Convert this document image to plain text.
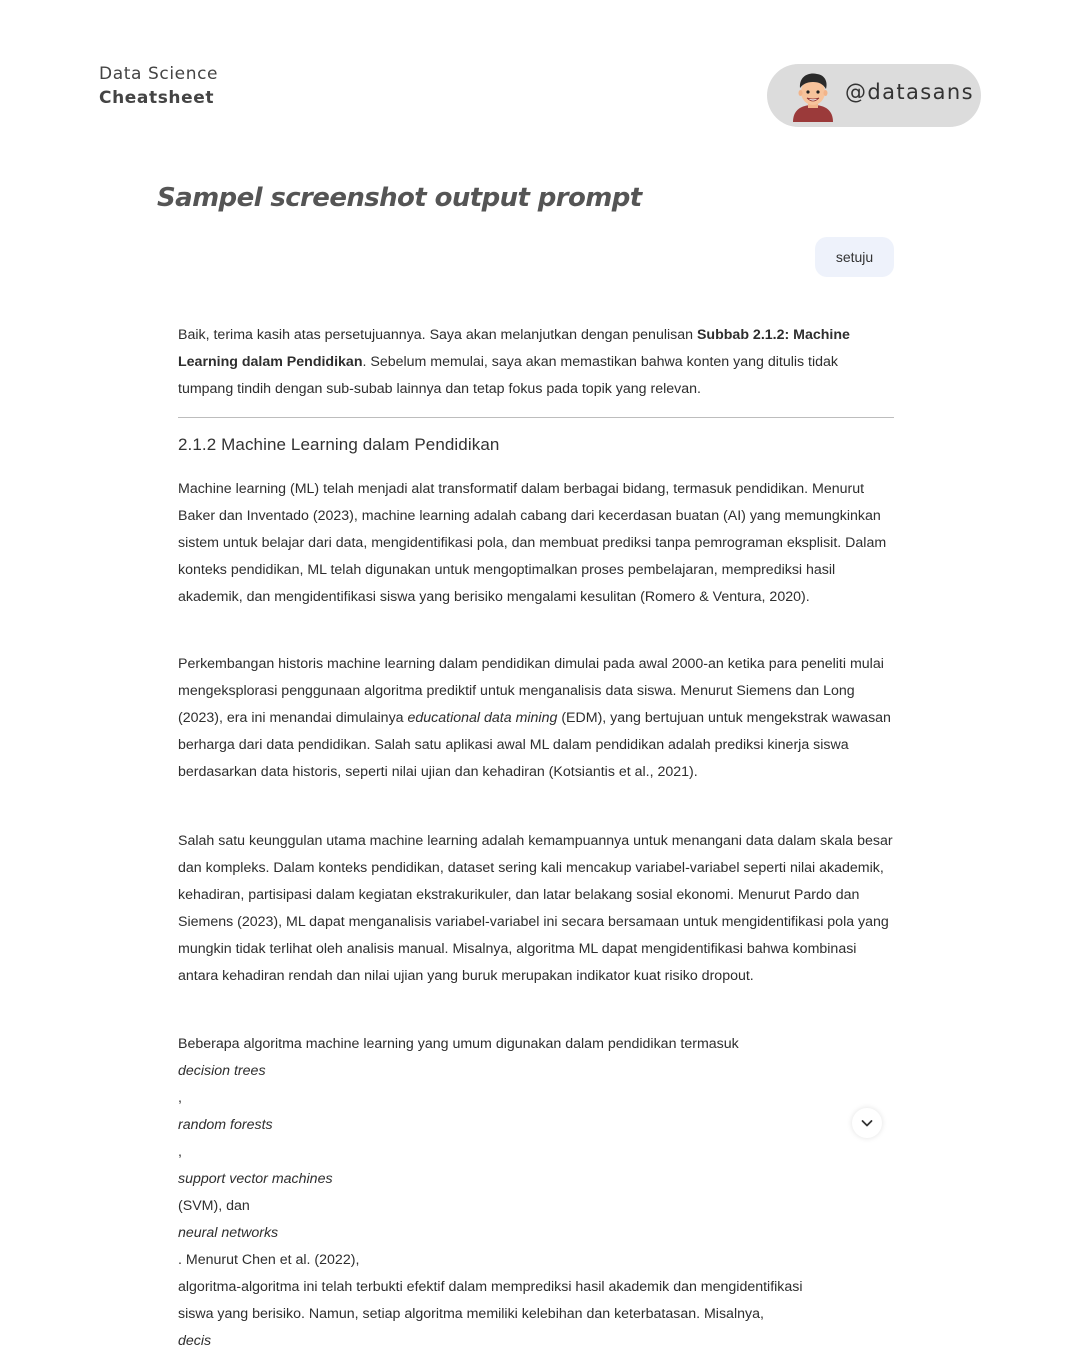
Data Science
Cheatsheet	@datasans
Sampel screenshot output prompt
setuju

Baik, terima kasih atas persetujuannya. Saya akan melanjutkan dengan penulisan Subbab 2.1.2: Machine Learning dalam Pendidikan. Sebelum memulai, saya akan memastikan bahwa konten yang ditulis tidak tumpang tindih dengan sub-subab lainnya dan tetap fokus pada topik yang relevan.

2.1.2 Machine Learning dalam Pendidikan

Machine learning (ML) telah menjadi alat transformatif dalam berbagai bidang, termasuk pendidikan. Menurut Baker dan Inventado (2023), machine learning adalah cabang dari kecerdasan buatan (AI) yang memungkinkan sistem untuk belajar dari data, mengidentifikasi pola, dan membuat prediksi tanpa pemrograman eksplisit. Dalam konteks pendidikan, ML telah digunakan untuk mengoptimalkan proses pembelajaran, memprediksi hasil akademik, dan mengidentifikasi siswa yang berisiko mengalami kesulitan (Romero & Ventura, 2020).

Perkembangan historis machine learning dalam pendidikan dimulai pada awal 2000-an ketika para peneliti mulai mengeksplorasi penggunaan algoritma prediktif untuk menganalisis data siswa. Menurut Siemens dan Long (2023), era ini menandai dimulainya educational data mining (EDM), yang bertujuan untuk mengekstrak wawasan berharga dari data pendidikan. Salah satu aplikasi awal ML dalam pendidikan adalah prediksi kinerja siswa berdasarkan data historis, seperti nilai ujian dan kehadiran (Kotsiantis et al., 2021).

Salah satu keunggulan utama machine learning adalah kemampuannya untuk menangani data dalam skala besar dan kompleks. Dalam konteks pendidikan, dataset sering kali mencakup variabel-variabel seperti nilai akademik, kehadiran, partisipasi dalam kegiatan ekstrakurikuler, dan latar belakang sosial ekonomi. Menurut Pardo dan Siemens (2023), ML dapat menganalisis variabel-variabel ini secara bersamaan untuk mengidentifikasi pola yang mungkin tidak terlihat oleh analisis manual. Misalnya, algoritma ML dapat mengidentifikasi bahwa kombinasi antara kehadiran rendah dan nilai ujian yang buruk merupakan indikator kuat risiko dropout.

Beberapa algoritma machine learning yang umum digunakan dalam pendidikan termasuk
decision trees
,
random forests
,
support vector machines
(SVM), dan
neural networks
. Menurut Chen et al. (2022),
algoritma-algoritma ini telah terbukti efektif dalam memprediksi hasil akademik dan mengidentifikasi
siswa yang berisiko. Namun, setiap algoritma memiliki kelebihan dan keterbatasan. Misalnya,
decis
